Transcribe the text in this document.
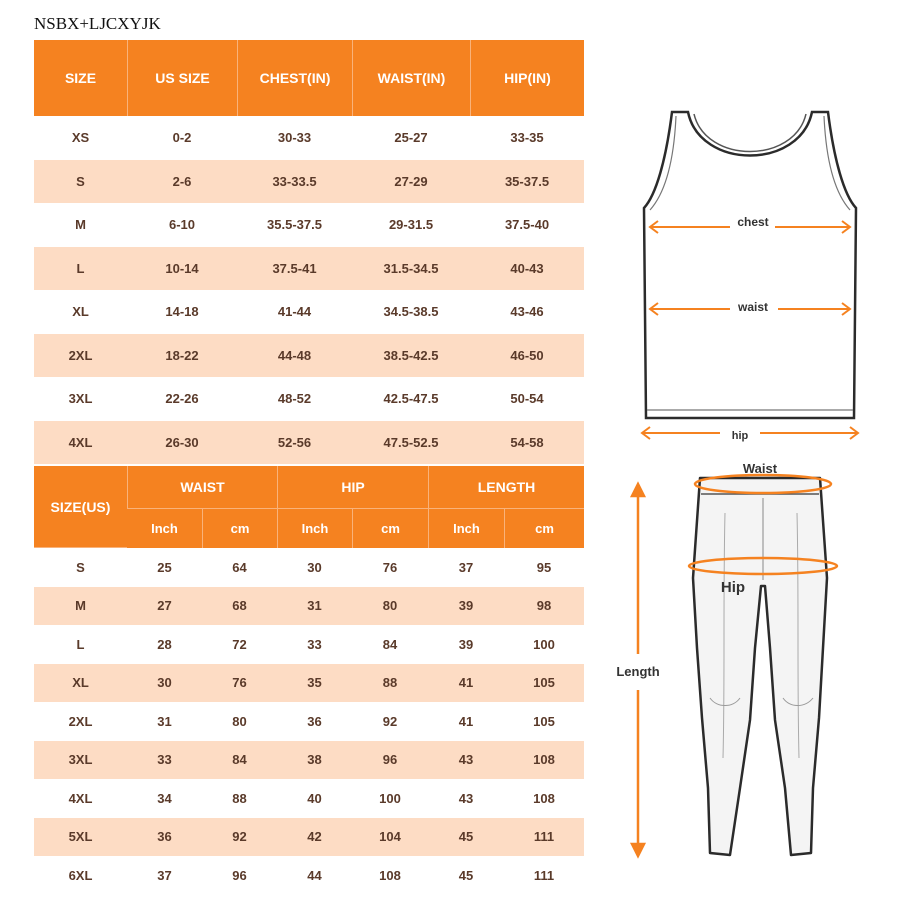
NSBX+LJCXYJK
SIZE	US SIZE	CHEST(IN)	WAIST(IN)	HIP(IN)
XS	0-2	30-33	25-27	33-35
S	2-6	33-33.5	27-29	35-37.5
M	6-10	35.5-37.5	29-31.5	37.5-40
L	10-14	37.5-41	31.5-34.5	40-43
XL	14-18	41-44	34.5-38.5	43-46
2XL	18-22	44-48	38.5-42.5	46-50
3XL	22-26	48-52	42.5-47.5	50-54
4XL	26-30	52-56	47.5-52.5	54-58
SIZE(US)	WAIST		HIP		LENGTH	
	Inch	cm	Inch	cm	Inch	cm
S	25	64	30	76	37	95
M	27	68	31	80	39	98
L	28	72	33	84	39	100
XL	30	76	35	88	41	105
2XL	31	80	36	92	41	105
3XL	33	84	38	96	43	108
4XL	34	88	40	100	43	108
5XL	36	92	42	104	45	111
6XL	37	96	44	108	45	111
chest
waist
hip
Waist
Hip
Length
